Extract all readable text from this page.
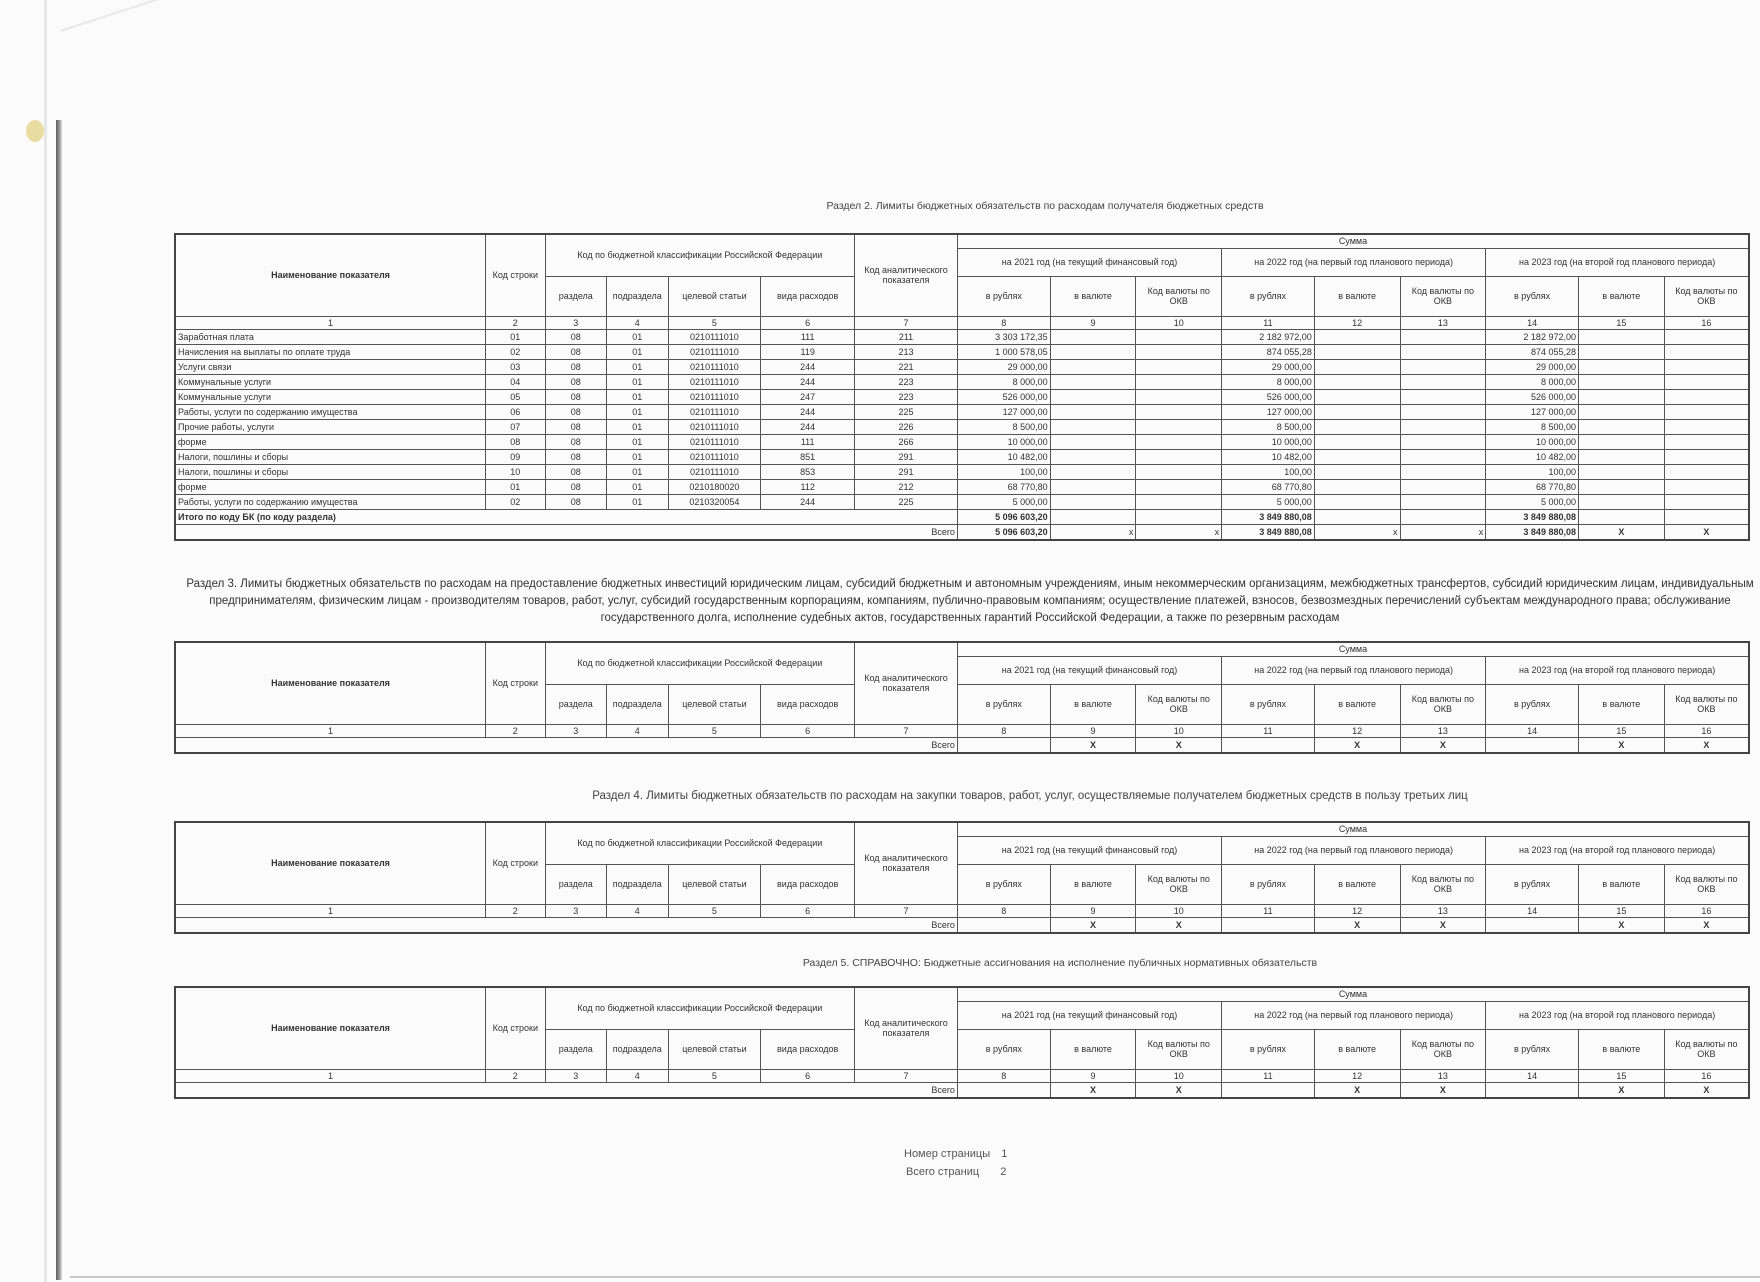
Раздел 2. Лимиты бюджетных обязательств по расходам получателя бюджетных средств
Наименование показателя	Код строки	Код по бюджетной классификации Российской Федерации				Код аналитического показателя	Сумма								
							на 2021 год (на текущий финансовый год)			на 2022 год (на первый год планового периода)			на 2023 год (на второй год планового периода)		
		раздела	подраздела	целевой статьи	вида расходов		в рублях	в валюте	Код валюты по ОКВ	в рублях	в валюте	Код валюты по ОКВ	в рублях	в валюте	Код валюты по ОКВ
1	2	3	4	5	6	7	8	9	10	11	12	13	14	15	16
Заработная плата	01	08	01	0210111010	111	211	3 303 172,35			2 182 972,00			2 182 972,00		
Начисления на выплаты по оплате труда	02	08	01	0210111010	119	213	1 000 578,05			874 055,28			874 055,28		
Услуги связи	03	08	01	0210111010	244	221	29 000,00			29 000,00			29 000,00		
Коммунальные услуги	04	08	01	0210111010	244	223	8 000,00			8 000,00			8 000,00		
Коммунальные услуги	05	08	01	0210111010	247	223	526 000,00			526 000,00			526 000,00		
Работы, услуги по содержанию имущества	06	08	01	0210111010	244	225	127 000,00			127 000,00			127 000,00		
Прочие работы, услуги	07	08	01	0210111010	244	226	8 500,00			8 500,00			8 500,00		
форме	08	08	01	0210111010	111	266	10 000,00			10 000,00			10 000,00		
Налоги, пошлины и сборы	09	08	01	0210111010	851	291	10 482,00			10 482,00			10 482,00		
Налоги, пошлины и сборы	10	08	01	0210111010	853	291	100,00			100,00			100,00		
форме	01	08	01	0210180020	112	212	68 770,80			68 770,80			68 770,80		
Работы, услуги по содержанию имущества	02	08	01	0210320054	244	225	5 000,00			5 000,00			5 000,00		
Итого по коду БК (по коду раздела)							5 096 603,20			3 849 880,08			3 849 880,08		
Всего							5 096 603,20	x	x	3 849 880,08	x	x	3 849 880,08	X	X
Раздел 3. Лимиты бюджетных обязательств по расходам на предоставление бюджетных инвестиций юридическим лицам, субсидий бюджетным и автономным учреждениям, иным некоммерческим организациям, межбюджетных трансфертов, субсидий юридическим лицам, индивидуальным предпринимателям, физическим лицам - производителям товаров, работ, услуг, субсидий государственным корпорациям, компаниям, публично-правовым компаниям; осуществление платежей, взносов, безвозмездных перечислений субъектам международного права; обслуживание государственного долга, исполнение судебных актов, государственных гарантий Российской Федерации, а также по резервным расходам
Наименование показателя	Код строки	Код по бюджетной классификации Российской Федерации				Код аналитического показателя	Сумма								
							на 2021 год (на текущий финансовый год)			на 2022 год (на первый год планового периода)			на 2023 год (на второй год планового периода)		
		раздела	подраздела	целевой статьи	вида расходов		в рублях	в валюте	Код валюты по ОКВ	в рублях	в валюте	Код валюты по ОКВ	в рублях	в валюте	Код валюты по ОКВ
1	2	3	4	5	6	7	8	9	10	11	12	13	14	15	16
Всего								X	X		X	X		X	X
Раздел 4. Лимиты бюджетных обязательств по расходам на закупки товаров, работ, услуг, осуществляемые получателем бюджетных средств в пользу третьих лиц
Наименование показателя	Код строки	Код по бюджетной классификации Российской Федерации				Код аналитического показателя	Сумма								
							на 2021 год (на текущий финансовый год)			на 2022 год (на первый год планового периода)			на 2023 год (на второй год планового периода)		
		раздела	подраздела	целевой статьи	вида расходов		в рублях	в валюте	Код валюты по ОКВ	в рублях	в валюте	Код валюты по ОКВ	в рублях	в валюте	Код валюты по ОКВ
1	2	3	4	5	6	7	8	9	10	11	12	13	14	15	16
Всего								X	X		X	X		X	X
Раздел 5. СПРАВОЧНО: Бюджетные ассигнования на исполнение публичных нормативных обязательств
Наименование показателя	Код строки	Код по бюджетной классификации Российской Федерации				Код аналитического показателя	Сумма								
							на 2021 год (на текущий финансовый год)			на 2022 год (на первый год планового периода)			на 2023 год (на второй год планового периода)		
		раздела	подраздела	целевой статьи	вида расходов		в рублях	в валюте	Код валюты по ОКВ	в рублях	в валюте	Код валюты по ОКВ	в рублях	в валюте	Код валюты по ОКВ
1	2	3	4	5	6	7	8	9	10	11	12	13	14	15	16
Всего								X	X		X	X		X	X
Номер страницы 1
Всего страниц 2
